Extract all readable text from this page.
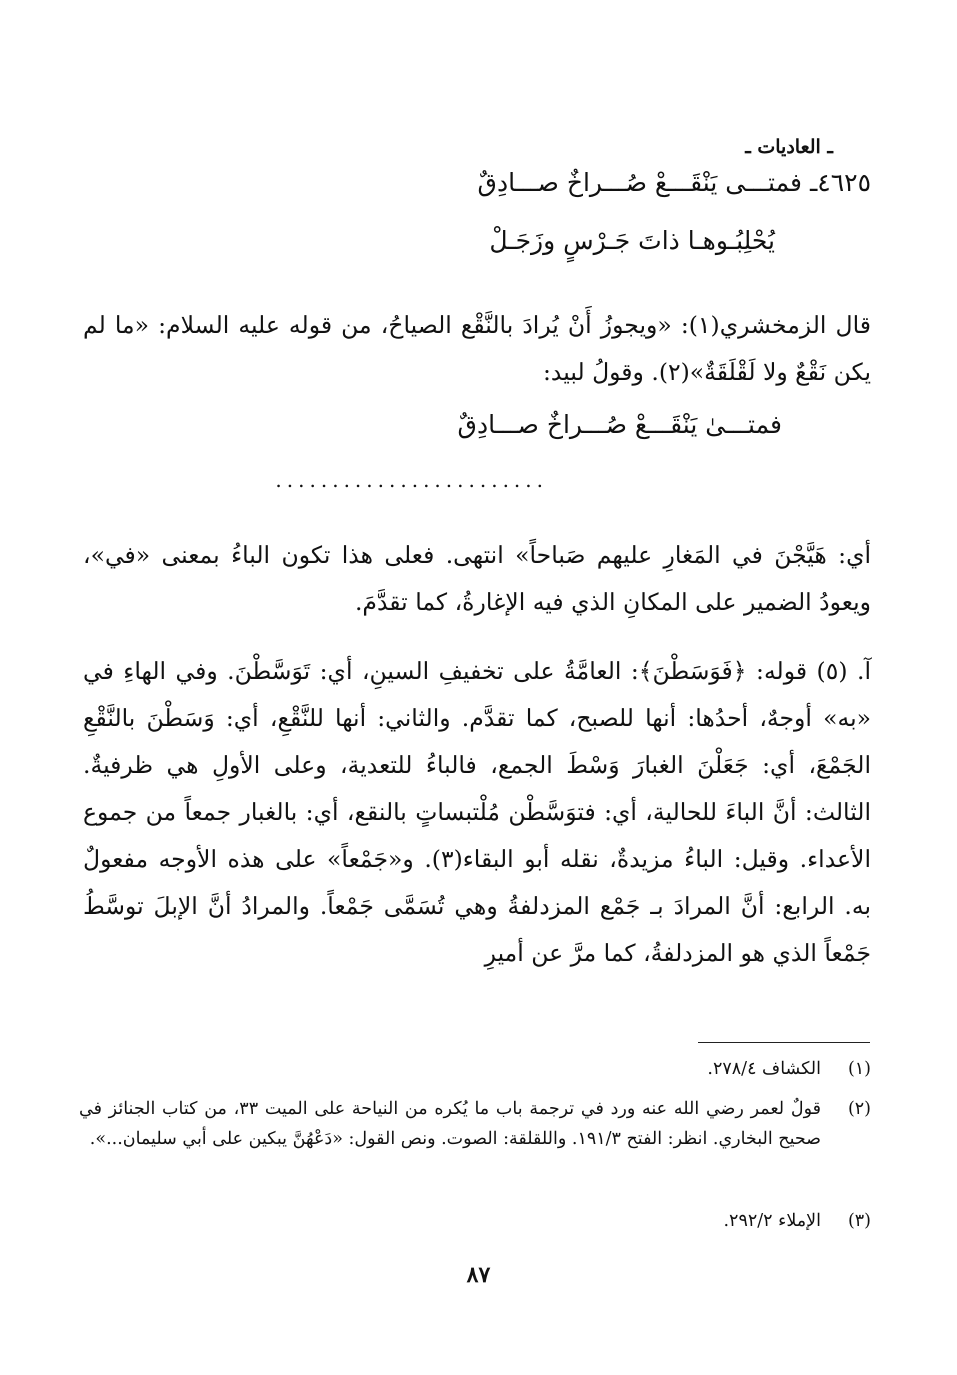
ـ العاديات ـ
٤٦٢٥ـ فمتـــى يَنْقَـــعْ صُـــراخٌ صـــادِقٌ
يُحْلِبُـوهـا ذاتَ جَـرْسٍ وزَجَـلْ
قال الزمخشري(١): «ويجوزُ أَنْ يُرادَ بالنَّقْع الصياحُ، من قوله عليه السلام: «ما لم يكن نَقْعٌ ولا لَقْلَقَةٌ»(٢). وقولُ لبيد:
فمتـــىٰ يَنْقَـــعْ صُـــراخٌ صـــادِقٌ
........................
أي: هَيَّجْنَ في المَغارِ عليهم صَباحاً» انتهى. فعلى هذا تكون الباءُ بمعنى «في»، ويعودُ الضمير على المكانِ الذي فيه الإغارةُ، كما تقدَّمَ.
آ. (٥) قوله: ﴿فَوَسَطْنَ﴾: العامَّةُ على تخفيفِ السينِ، أي: تَوَسَّطْنَ. وفي الهاءِ في «به» أوجهٌ، أحدُها: أنها للصبح، كما تقدَّم. والثاني: أنها للنَّقْعِ، أي: وَسَطْنَ بالنَّقْعِ الجَمْعَ، أي: جَعَلْنَ الغبارَ وَسْطَ الجمع، فالباءُ للتعدية، وعلى الأولِ هي ظرفيةٌ. الثالث: أنَّ الباءَ للحالية، أي: فتوَسَّطْن مُلْتبساتٍ بالنقع، أي: بالغبار جمعاً من جموع الأعداء. وقيل: الباءُ مزيدةٌ، نقله أبو البقاء(٣). و«جَمْعاً» على هذه الأوجه مفعولٌ به. الرابع: أنَّ المرادَ بـ جَمْع المزدلفةُ وهي تُسَمَّى جَمْعاً. والمرادُ أنَّ الإبلَ توسَّطُ جَمْعاً الذي هو المزدلفةُ، كما مرَّ عن أميرِ
(١)الكشاف ٢٧٨/٤.
(٢)
قولٌ لعمر رضي الله عنه ورد في ترجمة باب ما يُكره من النياحة على الميت ٣٣، من كتاب الجنائز في صحيح البخاري. انظر: الفتح ١٩١/٣. واللقلقة: الصوت. ونص القول: «دَعْهُنَّ يبكين على أبي سليمان...».
(٣)الإملاء ٢٩٢/٢.
٨٧
